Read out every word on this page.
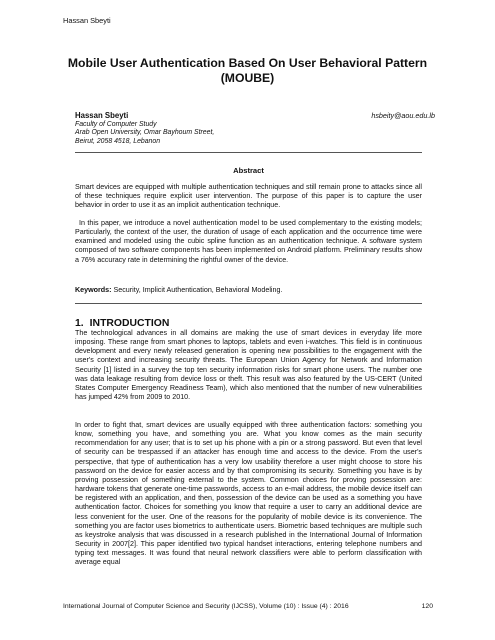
Hassan Sbeyti
Mobile User Authentication Based On User Behavioral Pattern
(MOUBE)
Hassan Sbeyti
Faculty of Computer Study
Arab Open University, Omar Bayhoum Street,
Beirut, 2058 4518, Lebanon
hsbeity@aou.edu.lb
Abstract

Smart devices are equipped with multiple authentication techniques and still remain prone to attacks since all of these techniques require explicit user intervention. The purpose of this paper is to capture the user behavior in order to use it as an implicit authentication technique.

In this paper, we introduce a novel authentication model to be used complementary to the existing models; Particularly, the context of the user, the duration of usage of each application and the occurrence time were examined and modeled using the cubic spline function as an authentication technique. A software system composed of two software components has been implemented on Android platform. Preliminary results show a 76% accuracy rate in determining the rightful owner of the device.

Keywords: Security, Implicit Authentication, Behavioral Modeling.
1. INTRODUCTION

The technological advances in all domains are making the use of smart devices in everyday life more imposing. These range from smart phones to laptops, tablets and even i-watches. This field is in continuous development and every newly released generation is opening new possibilities to the engagement with the user's context and increasing security threats. The European Union Agency for Network and Information Security [1] listed in a survey the top ten security information risks for smart phone users. The number one was data leakage resulting from device loss or theft. This result was also featured by the US-CERT (United States Computer Emergency Readiness Team), which also mentioned that the number of new vulnerabilities has jumped 42% from 2009 to 2010.

In order to fight that, smart devices are usually equipped with three authentication factors: something you know, something you have, and something you are. What you know comes as the main security recommendation for any user; that is to set up his phone with a pin or a strong password. But even that level of security can be trespassed if an attacker has enough time and access to the device. From the user's perspective, that type of authentication has a very low usability therefore a user might choose to store his password on the device for easier access and by that compromising its security. Something you have is by proving possession of something external to the system. Common choices for proving possession are: hardware tokens that generate one-time passwords, access to an e-mail address, the mobile device itself can be registered with an application, and then, possession of the device can be used as a something you have authentication factor. Choices for something you know that require a user to carry an additional device are less convenient for the user. One of the reasons for the popularity of mobile device is its convenience. The something you are factor uses biometrics to authenticate users. Biometric based techniques are multiple such as keystroke analysis that was discussed in a research published in the International Journal of Information Security in 2007[2]. This paper identified two typical handset interactions, entering telephone numbers and typing text messages. It was found that neural network classifiers were able to perform classification with average equal

International Journal of Computer Science and Security (IJCSS), Volume (10) : Issue (4) : 2016	120
